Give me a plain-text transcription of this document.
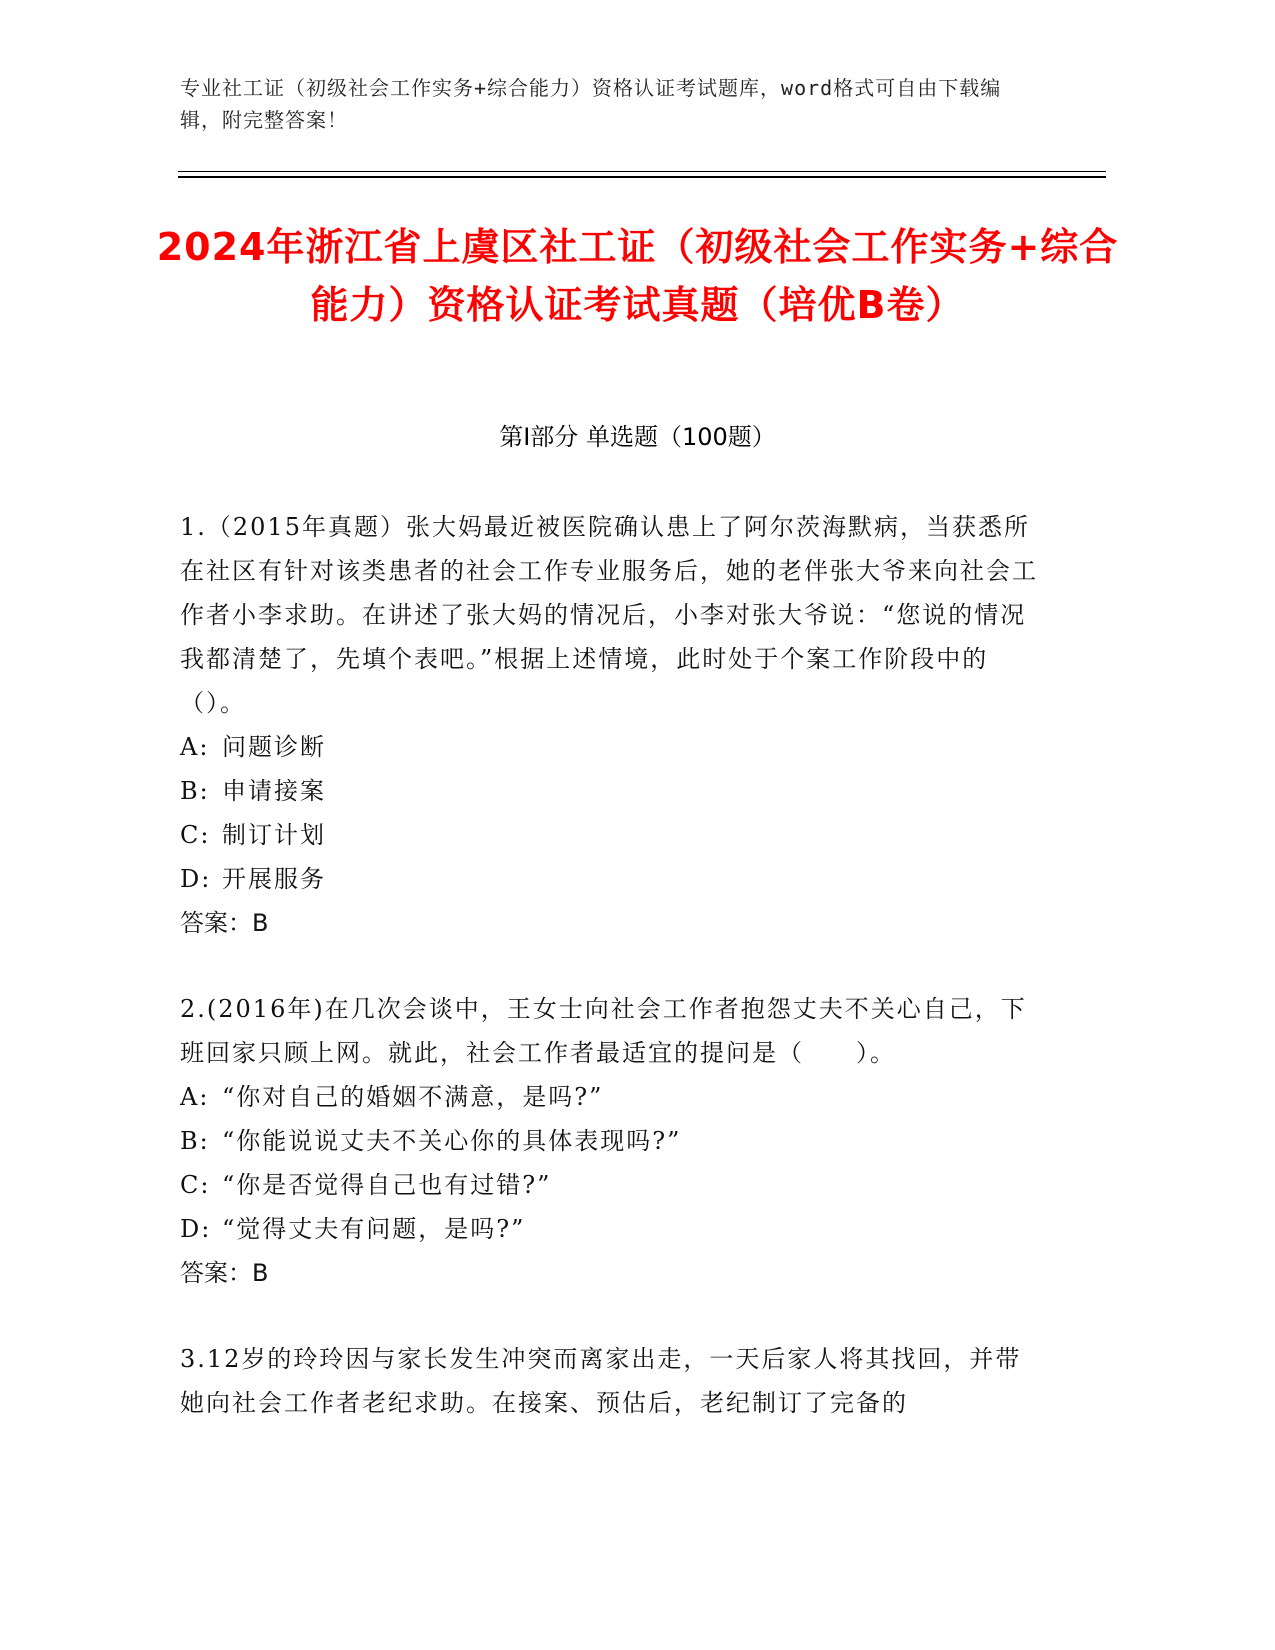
专业社工证（初级社会工作实务+综合能力）资格认证考试题库，word格式可自由下载编辑，附完整答案！
2024年浙江省上虞区社工证（初级社会工作实务+综合能力）资格认证考试真题（培优B卷）
第Ⅰ部分 单选题（100题）

1.（2015年真题）张大妈最近被医院确认患上了阿尔茨海默病，当获悉所在社区有针对该类患者的社会工作专业服务后，她的老伴张大爷来向社会工作者小李求助。在讲述了张大妈的情况后，小李对张大爷说：“您说的情况我都清楚了，先填个表吧。”根据上述情境，此时处于个案工作阶段中的（）。

A: 问题诊断

B: 申请接案

C: 制订计划

D: 开展服务

答案：B

2.(2016年)在几次会谈中，王女士向社会工作者抱怨丈夫不关心自己，下班回家只顾上网。就此，社会工作者最适宜的提问是（　　）。

A: “你对自己的婚姻不满意，是吗?”

B: “你能说说丈夫不关心你的具体表现吗?”

C: “你是否觉得自己也有过错?”

D: “觉得丈夫有问题，是吗?”

答案：B

3.12岁的玲玲因与家长发生冲突而离家出走，一天后家人将其找回，并带她向社会工作者老纪求助。在接案、预估后，老纪制订了完备的
